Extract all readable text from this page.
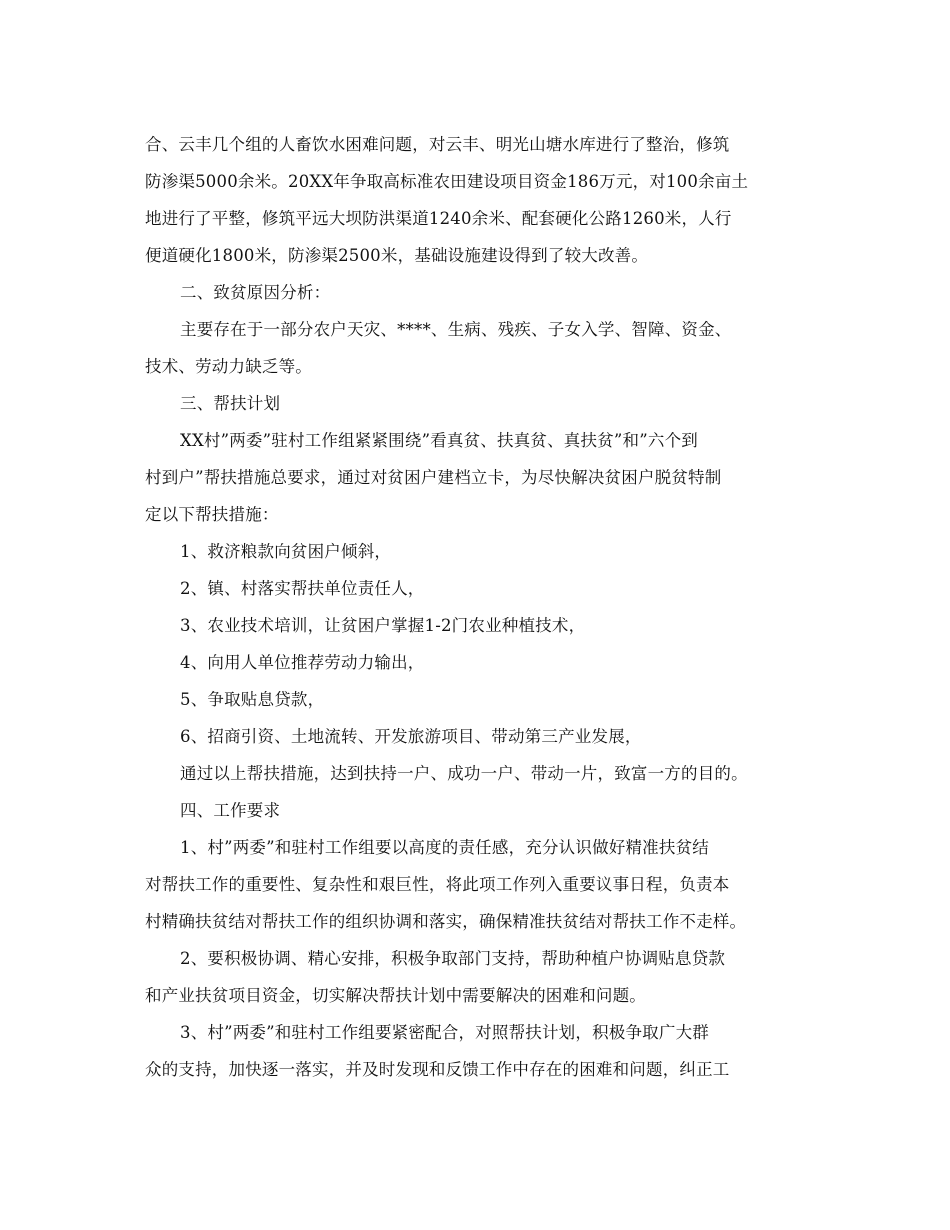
合、云丰几个组的人畜饮水困难问题，对云丰、明光山塘水库进行了整治，修筑
防渗渠5000余米。20XX年争取高标准农田建设项目资金186万元，对100余亩土
地进行了平整，修筑平远大坝防洪渠道1240余米、配套硬化公路1260米，人行
便道硬化1800米，防渗渠2500米，基础设施建设得到了较大改善。
二、致贫原因分析：
主要存在于一部分农户天灾、****、生病、残疾、子女入学、智障、资金、
技术、劳动力缺乏等。
三、帮扶计划
XX村”两委”驻村工作组紧紧围绕”看真贫、扶真贫、真扶贫”和”六个到
村到户”帮扶措施总要求，通过对贫困户建档立卡，为尽快解决贫困户脱贫特制
定以下帮扶措施：
1、救济粮款向贫困户倾斜，
2、镇、村落实帮扶单位责任人，
3、农业技术培训，让贫困户掌握1-2门农业种植技术，
4、向用人单位推荐劳动力输出，
5、争取贴息贷款，
6、招商引资、土地流转、开发旅游项目、带动第三产业发展，
通过以上帮扶措施，达到扶持一户、成功一户、带动一片，致富一方的目的。
四、工作要求
1、村”两委”和驻村工作组要以高度的责任感，充分认识做好精准扶贫结
对帮扶工作的重要性、复杂性和艰巨性，将此项工作列入重要议事日程，负责本
村精确扶贫结对帮扶工作的组织协调和落实，确保精准扶贫结对帮扶工作不走样。
2、要积极协调、精心安排，积极争取部门支持，帮助种植户协调贴息贷款
和产业扶贫项目资金，切实解决帮扶计划中需要解决的困难和问题。
3、村”两委”和驻村工作组要紧密配合，对照帮扶计划，积极争取广大群
众的支持，加快逐一落实，并及时发现和反馈工作中存在的困难和问题，纠正工
